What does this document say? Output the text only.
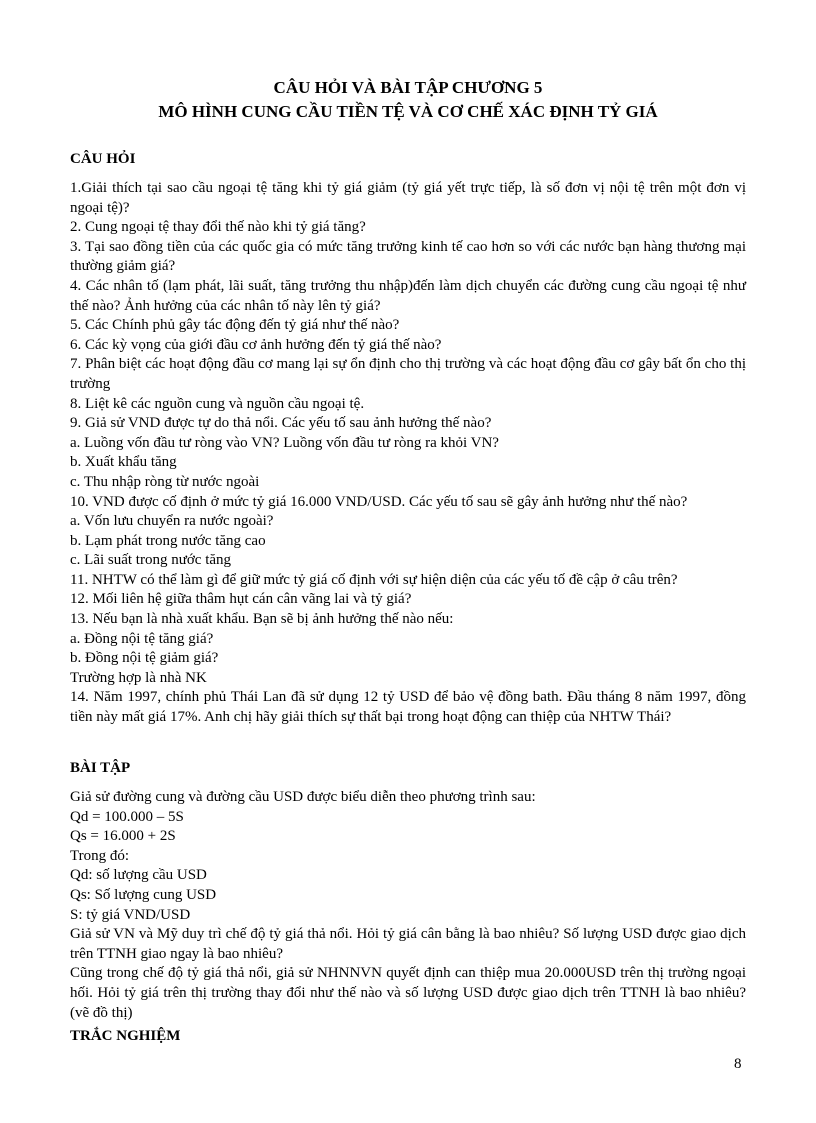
CÂU HỎI VÀ BÀI TẬP CHƯƠNG 5
MÔ HÌNH CUNG CẦU TIỀN TỆ VÀ CƠ CHẾ XÁC ĐỊNH TỶ GIÁ
CÂU HỎI

1.Giải thích tại sao cầu ngoại tệ tăng khi tỷ giá giảm (tỷ giá yết trực tiếp, là số đơn vị nội tệ trên một đơn vị ngoại tệ)?

2. Cung ngoại tệ thay đổi thế nào khi tỷ giá tăng?

3. Tại sao đồng tiền của các quốc gia có mức tăng trưởng kinh tế cao hơn so với các nước bạn hàng thương mại thường giảm giá?

4. Các nhân tố (lạm phát, lãi suất, tăng trưởng thu nhập)đến làm dịch chuyển các đường cung cầu ngoại tệ như thế nào? Ảnh hưởng của các nhân tố này lên tỷ giá?

5. Các Chính phủ gây tác động đến tỷ giá như thế nào?

6. Các kỳ vọng của giới đầu cơ ảnh hưởng đến tỷ giá thế nào?

7. Phân biệt các hoạt động đầu cơ mang lại sự ổn định cho thị trường và các hoạt động đầu cơ gây bất ổn cho thị trường

8. Liệt kê các nguồn cung và nguồn cầu ngoại tệ.

9. Giả sử VND được tự do thả nổi. Các yếu tố sau ảnh hưởng thế nào?

a. Luồng vốn đầu tư ròng vào VN? Luồng vốn đầu tư ròng ra khỏi VN?

b. Xuất khẩu tăng

c. Thu nhập ròng từ nước ngoài

10. VND được cố định ở mức tỷ giá 16.000 VND/USD. Các yếu tố sau sẽ gây ảnh hưởng như thế nào?

a. Vốn lưu chuyển ra nước ngoài?

b. Lạm phát trong nước tăng cao

c. Lãi suất trong nước tăng

11. NHTW có thể làm gì để giữ mức tỷ giá cố định với sự hiện diện của các yếu tố đề cập ở câu trên?

12. Mối liên hệ giữa thâm hụt cán cân vãng lai và tỷ giá?

13. Nếu bạn là nhà xuất khẩu. Bạn sẽ bị ảnh hưởng thế nào nếu:

a. Đồng nội tệ tăng giá?

b. Đồng nội tệ giảm giá?

Trường hợp là nhà NK

14. Năm 1997, chính phủ Thái Lan đã sử dụng 12 tỷ USD để bảo vệ đồng bath. Đầu tháng 8 năm 1997, đồng tiền này mất giá 17%. Anh chị hãy giải thích sự thất bại trong hoạt động can thiệp của NHTW Thái?

BÀI TẬP

Giả sử đường cung và đường cầu USD được biểu diễn theo phương trình sau:

Qd = 100.000 – 5S

Qs = 16.000 + 2S

Trong đó:

Qd: số lượng cầu USD

Qs: Số lượng cung USD

S: tỷ giá VND/USD

Giả sử VN và Mỹ duy trì chế độ tỷ giá thả nổi. Hỏi tỷ giá cân bằng là bao nhiêu? Số lượng USD được giao dịch trên TTNH giao ngay là bao nhiêu?

Cũng trong chế độ tỷ giá thả nổi, giả sử NHNNVN quyết định can thiệp mua 20.000USD trên thị trường ngoại hối. Hỏi tỷ giá trên thị trường thay đổi như thế nào và số lượng USD được giao dịch trên TTNH là bao nhiêu? (vẽ đồ thị)

TRẮC NGHIỆM
8
